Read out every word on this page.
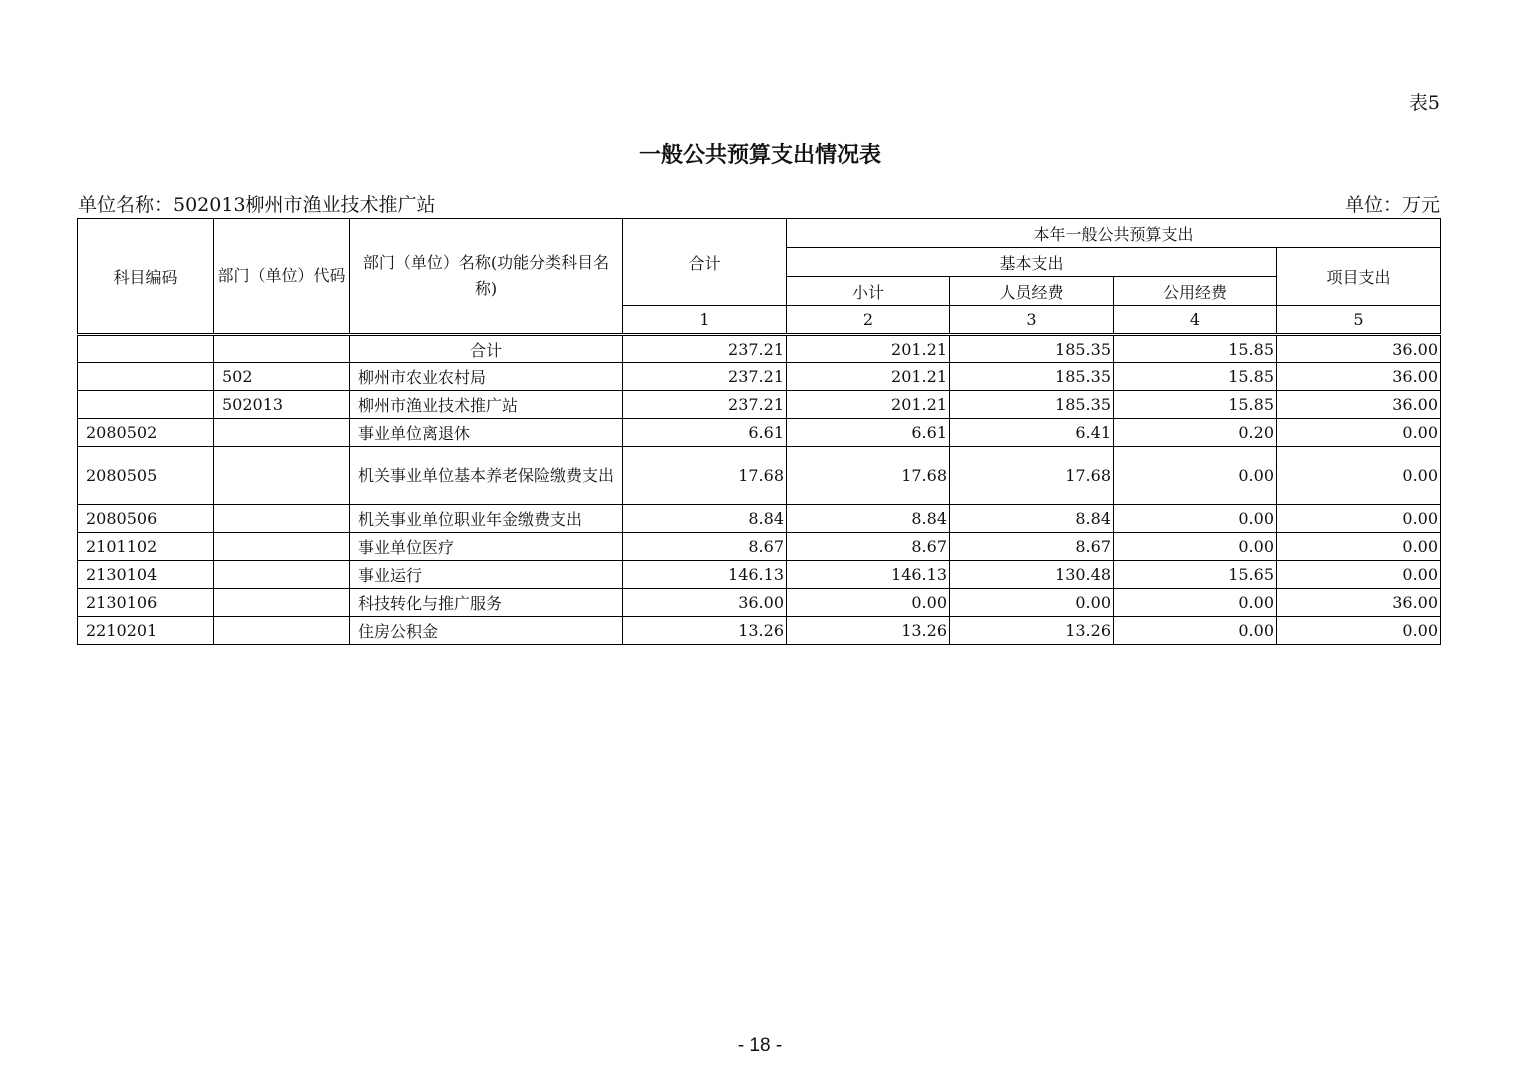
表5
一般公共预算支出情况表
单位名称：502013柳州市渔业技术推广站	单位：万元
科目编码	部门（单位）代码	部门（单位）名称(功能分类科目名称)	合计	本年一般公共预算支出			
				基本支出			项目支出
				小计	人员经费	公用经费	
			1	2	3	4	5
		合计	237.21	201.21	185.35	15.85	36.00
	502	柳州市农业农村局	237.21	201.21	185.35	15.85	36.00
	502013	柳州市渔业技术推广站	237.21	201.21	185.35	15.85	36.00
2080502		事业单位离退休	6.61	6.61	6.41	0.20	0.00
2080505		机关事业单位基本养老保险缴费支出	17.68	17.68	17.68	0.00	0.00
2080506		机关事业单位职业年金缴费支出	8.84	8.84	8.84	0.00	0.00
2101102		事业单位医疗	8.67	8.67	8.67	0.00	0.00
2130104		事业运行	146.13	146.13	130.48	15.65	0.00
2130106		科技转化与推广服务	36.00	0.00	0.00	0.00	36.00
2210201		住房公积金	13.26	13.26	13.26	0.00	0.00
- 18 -
